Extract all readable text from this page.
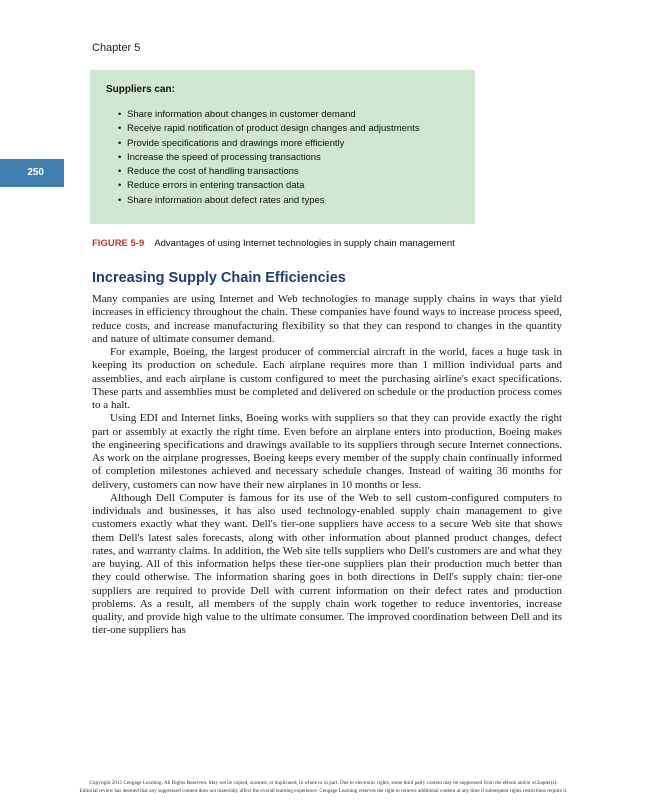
Chapter 5
250
Suppliers can:
• Share information about changes in customer demand
• Receive rapid notification of product design changes and adjustments
• Provide specifications and drawings more efficiently
• Increase the speed of processing transactions
• Reduce the cost of handling transactions
• Reduce errors in entering transaction data
• Share information about defect rates and types
FIGURE 5-9 Advantages of using Internet technologies in supply chain management
Increasing Supply Chain Efficiencies

Many companies are using Internet and Web technologies to manage supply chains in ways that yield increases in efficiency throughout the chain. These companies have found ways to increase process speed, reduce costs, and increase manufacturing flexibility so that they can respond to changes in the quantity and nature of ultimate consumer demand.

For example, Boeing, the largest producer of commercial aircraft in the world, faces a huge task in keeping its production on schedule. Each airplane requires more than 1 million individual parts and assemblies, and each airplane is custom configured to meet the purchasing airline's exact specifications. These parts and assemblies must be completed and delivered on schedule or the production process comes to a halt.

Using EDI and Internet links, Boeing works with suppliers so that they can provide exactly the right part or assembly at exactly the right time. Even before an airplane enters into production, Boeing makes the engineering specifications and drawings available to its suppliers through secure Internet connections. As work on the airplane progresses, Boeing keeps every member of the supply chain continually informed of completion milestones achieved and necessary schedule changes. Instead of waiting 36 months for delivery, customers can now have their new airplanes in 10 months or less.

Although Dell Computer is famous for its use of the Web to sell custom-configured computers to individuals and businesses, it has also used technology-enabled supply chain management to give customers exactly what they want. Dell's tier-one suppliers have access to a secure Web site that shows them Dell's latest sales forecasts, along with other information about planned product changes, defect rates, and warranty claims. In addition, the Web site tells suppliers who Dell's customers are and what they are buying. All of this information helps these tier-one suppliers plan their production much better than they could otherwise. The information sharing goes in both directions in Dell's supply chain: tier-one suppliers are required to provide Dell with current information on their defect rates and production problems. As a result, all members of the supply chain work together to reduce inventories, increase quality, and provide high value to the ultimate consumer. The improved coordination between Dell and its tier-one suppliers has

Copyright 2015 Cengage Learning. All Rights Reserved. May not be copied, scanned, or duplicated, in whole or in part. Due to electronic rights, some third party content may be suppressed from the eBook and/or eChapter(s).
Editorial review has deemed that any suppressed content does not materially affect the overall learning experience. Cengage Learning reserves the right to remove additional content at any time if subsequent rights restrictions require it.
